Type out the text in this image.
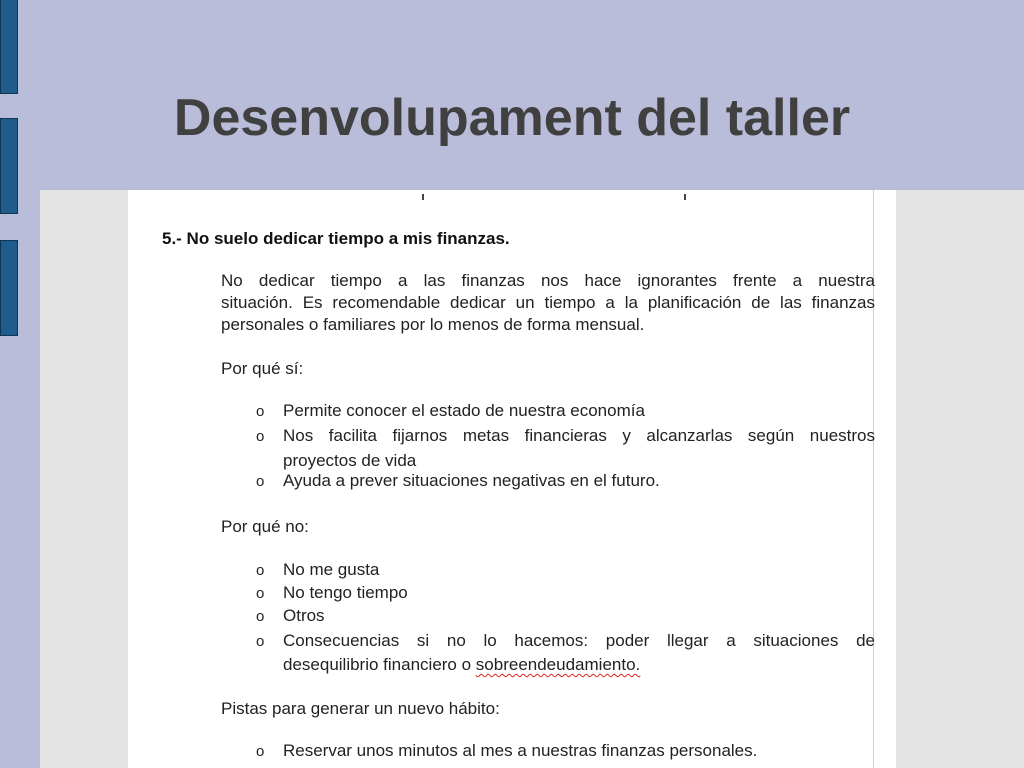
Desenvolupament del taller
5.- No suelo dedicar tiempo a mis finanzas.

No dedicar tiempo a las finanzas nos hace ignorantes frente a nuestra
situación. Es recomendable dedicar un tiempo a la planificación de las finanzas
personales o familiares por lo menos de forma mensual.

Por qué sí:

o Permite conocer el estado de nuestra economía
o Nos facilita fijarnos metas financieras y alcanzarlas según nuestros
proyectos de vida
o Ayuda a prever situaciones negativas en el futuro.

Por qué no:

o No me gusta
o No tengo tiempo
o Otros
o Consecuencias si no lo hacemos: poder llegar a situaciones de
desequilibrio financiero o sobreendeudamiento.

Pistas para generar un nuevo hábito:

o Reservar unos minutos al mes a nuestras finanzas personales.
